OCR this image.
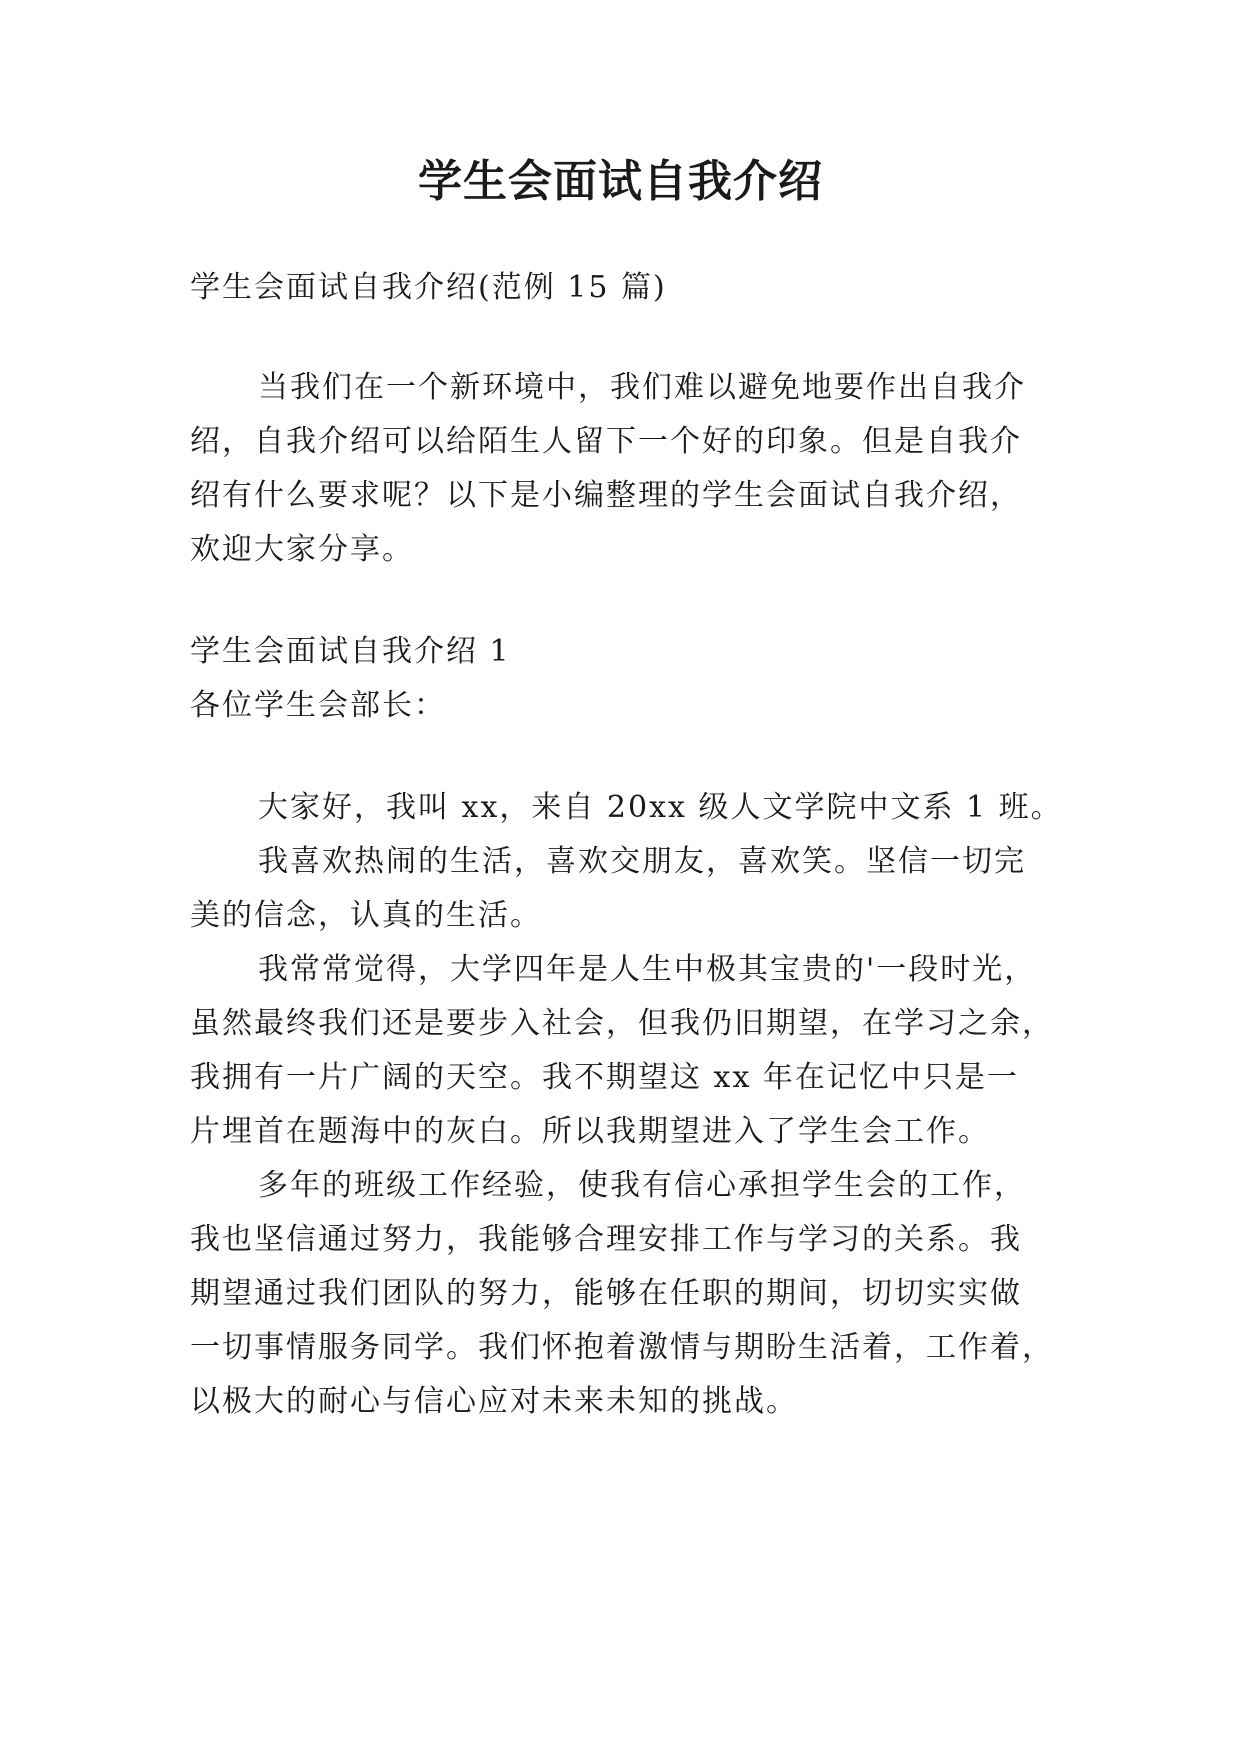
学生会面试自我介绍

学生会面试自我介绍(范例 15 篇)

当我们在一个新环境中，我们难以避免地要作出自我介

绍，自我介绍可以给陌生人留下一个好的印象。但是自我介

绍有什么要求呢？以下是小编整理的学生会面试自我介绍，

欢迎大家分享。

学生会面试自我介绍 1

各位学生会部长：

大家好，我叫 xx，来自 20xx 级人文学院中文系 1 班。

我喜欢热闹的生活，喜欢交朋友，喜欢笑。坚信一切完

美的信念，认真的生活。

我常常觉得，大学四年是人生中极其宝贵的'一段时光，

虽然最终我们还是要步入社会，但我仍旧期望，在学习之余，

我拥有一片广阔的天空。我不期望这 xx 年在记忆中只是一

片埋首在题海中的灰白。所以我期望进入了学生会工作。

多年的班级工作经验，使我有信心承担学生会的工作，

我也坚信通过努力，我能够合理安排工作与学习的关系。我

期望通过我们团队的努力，能够在任职的期间，切切实实做

一切事情服务同学。我们怀抱着激情与期盼生活着，工作着，

以极大的耐心与信心应对未来未知的挑战。
